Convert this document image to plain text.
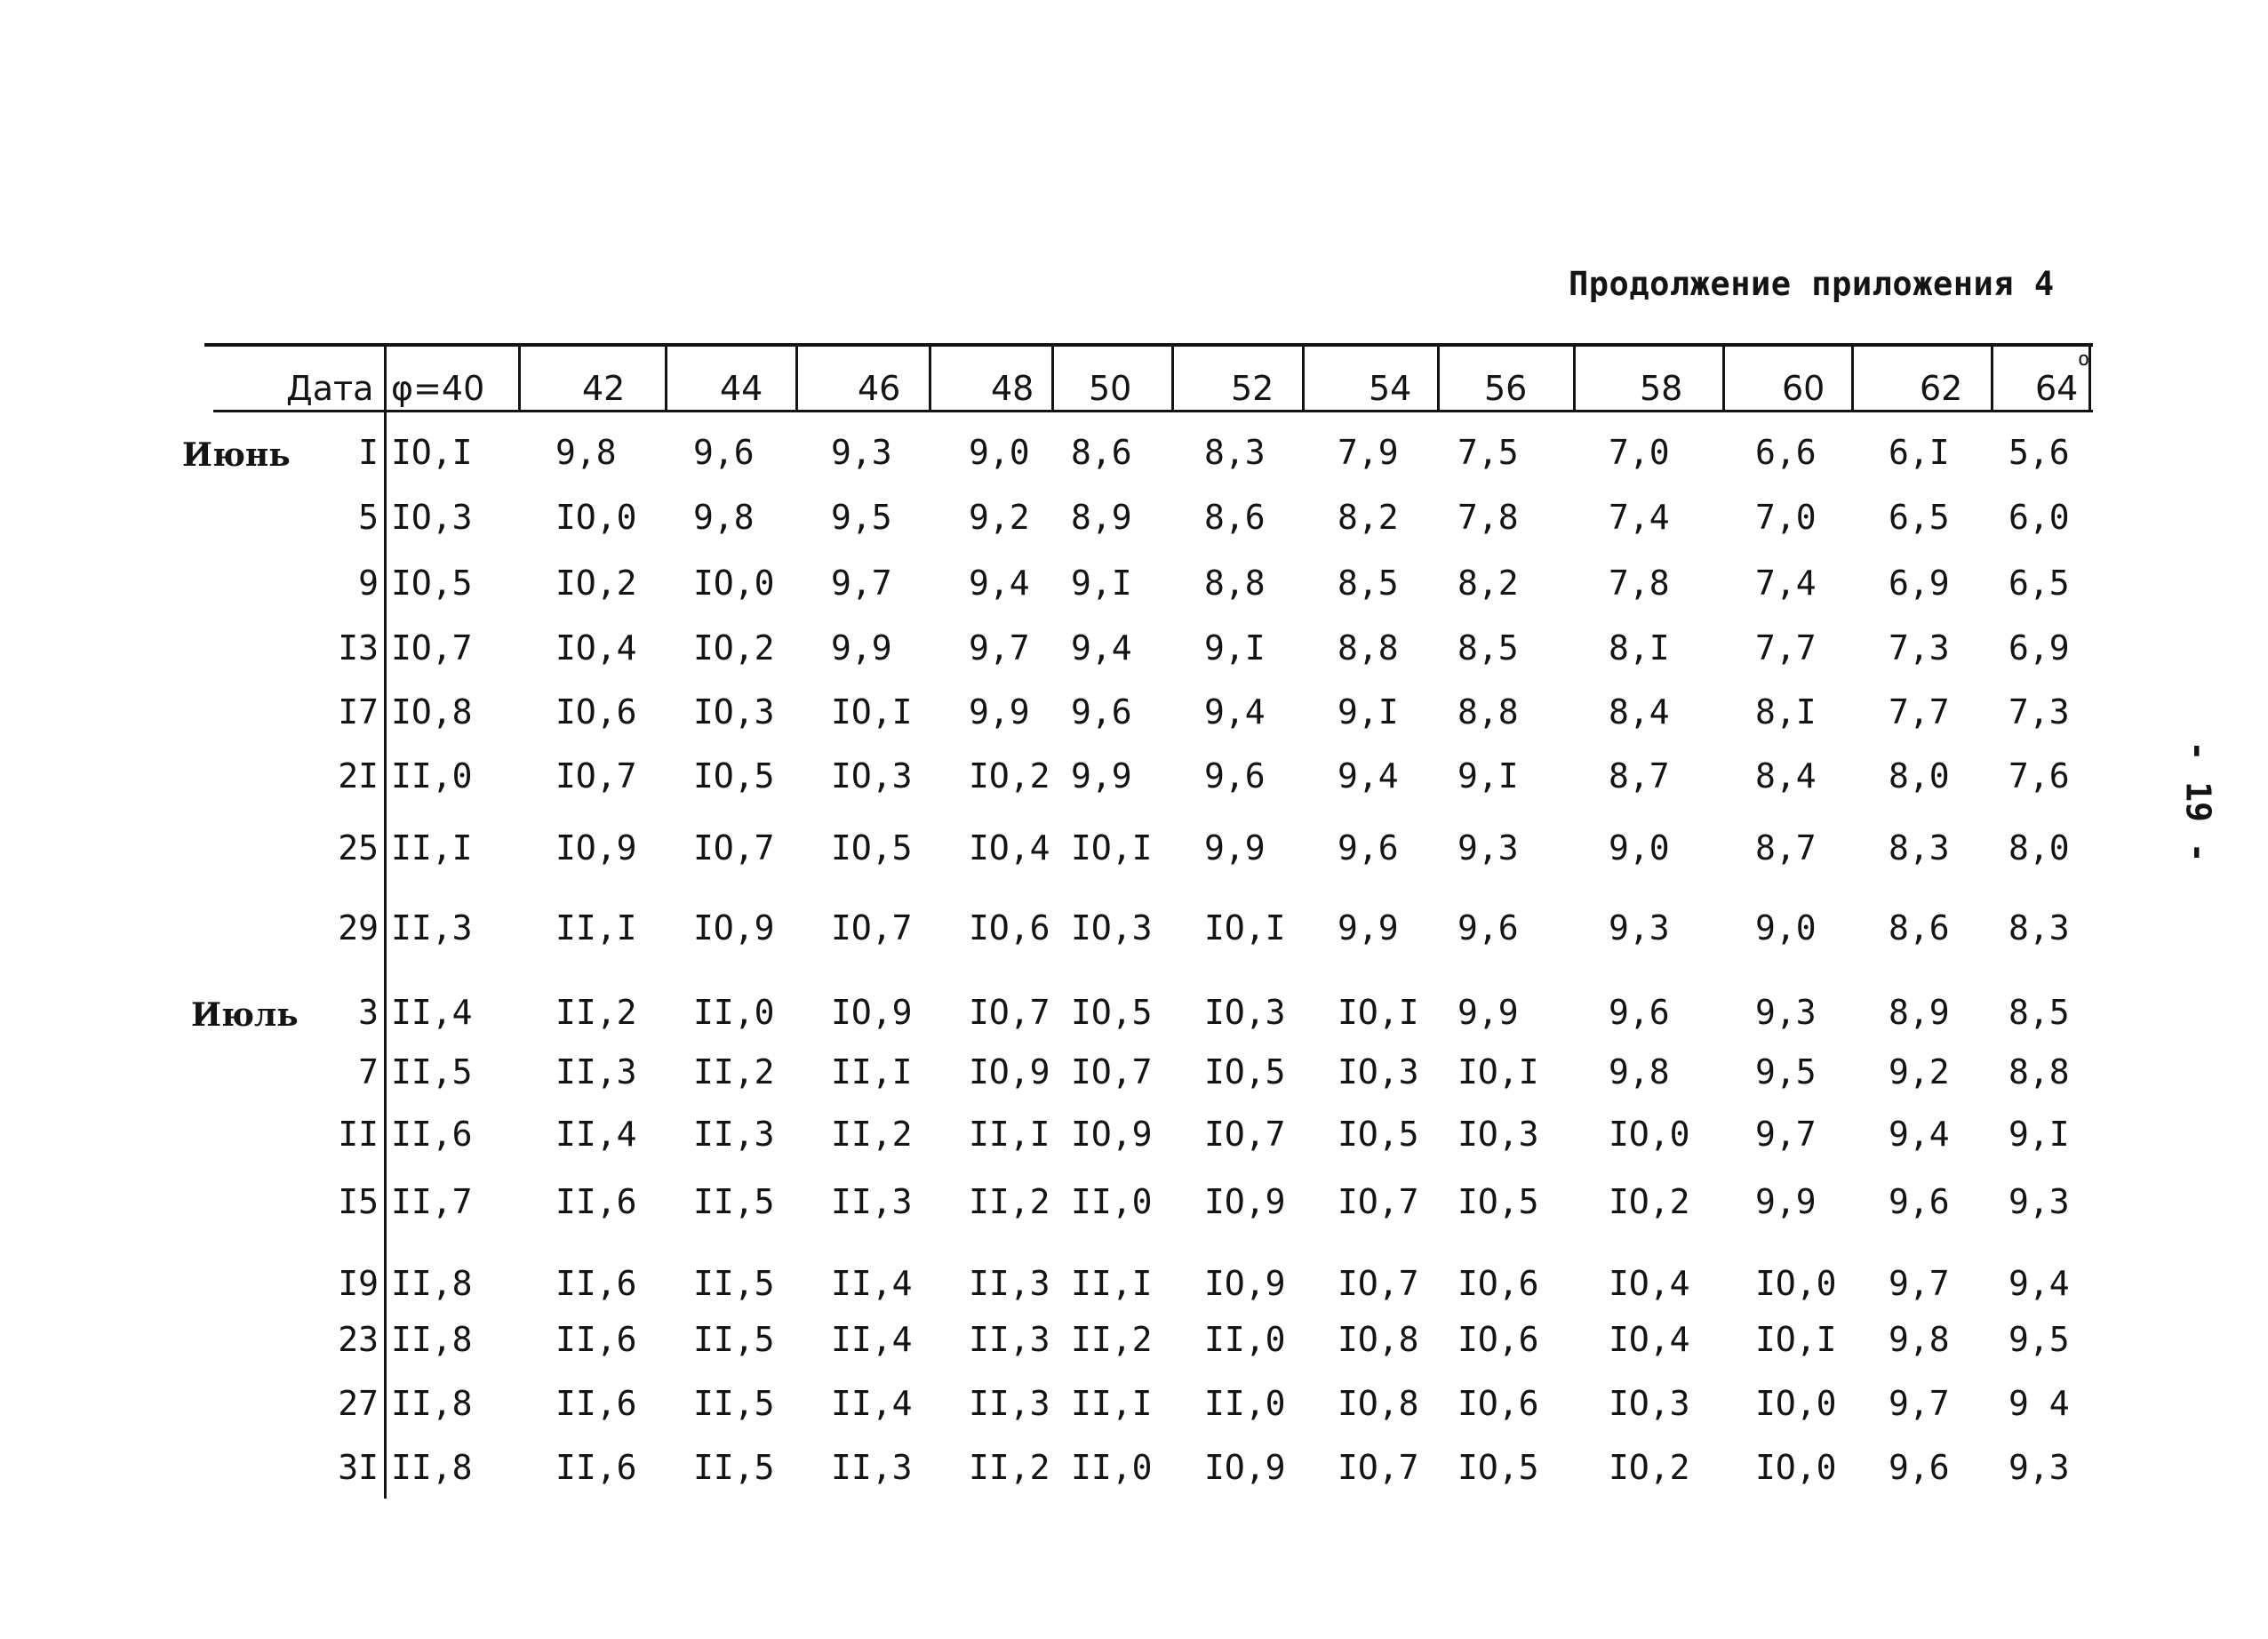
Продолжение приложения 4
- 19 -
Дата φ=40	42	44	46	48 50	52	54 56	58	60	62 64
o
Июнь	I IO,I 9,8 9,6 9,3 9,0 8,6 8,3 7,9 7,5	7,0	6,6 6,I 5,6
5 IO,3 IO,0 9,8 9,5 9,2 8,9 8,6 8,2 7,8	7,4	7,0 6,5 6,0
9 IO,5 IO,2 IO,0 9,7 9,4 9,I 8,8 8,5 8,2	7,8	7,4 6,9 6,5
I3 IO,7 IO,4 IO,2 9,9 9,7 9,4 9,I 8,8 8,5	8,I	7,7 7,3 6,9
I7 IO,8 IO,6 IO,3 IO,I 9,9 9,6 9,4 9,I 8,8	8,4	8,I 7,7 7,3
2I II,0 IO,7 IO,5 IO,3 IO,2 9,9 9,6 9,4 9,I	8,7	8,4 8,0 7,6
25 II,I IO,9 IO,7 IO,5 IO,4 IO,I 9,9 9,6 9,3	9,0	8,7 8,3 8,0
29 II,3 II,I IO,9 IO,7 IO,6 IO,3 IO,I 9,9 9,6	9,3	9,0 8,6 8,3
Июль	3 II,4 II,2 II,0 IO,9 IO,7 IO,5 IO,3 IO,I 9,9	9,6	9,3 8,9 8,5
7 II,5 II,3 II,2 II,I IO,9 IO,7 IO,5 IO,3 IO,I 9,8	9,5 9,2 8,8
II II,6 II,4 II,3 II,2 II,I IO,9 IO,7 IO,5 IO,3 IO,0 9,7 9,4 9,I
I5 II,7 II,6 II,5 II,3 II,2 II,0 IO,9 IO,7 IO,5 IO,2 9,9 9,6 9,3
I9 II,8 II,6 II,5 II,4 II,3 II,I IO,9 IO,7 IO,6 IO,4 IO,0 9,7 9,4
23 II,8 II,6 II,5 II,4 II,3 II,2 II,0 IO,8 IO,6 IO,4 IO,I 9,8 9,5
27 II,8 II,6 II,5 II,4 II,3 II,I II,0 IO,8 IO,6 IO,3 IO,0 9,7 9 4
3I II,8 II,6 II,5 II,3 II,2 II,0 IO,9 IO,7 IO,5 IO,2 IO,0 9,6 9,3
